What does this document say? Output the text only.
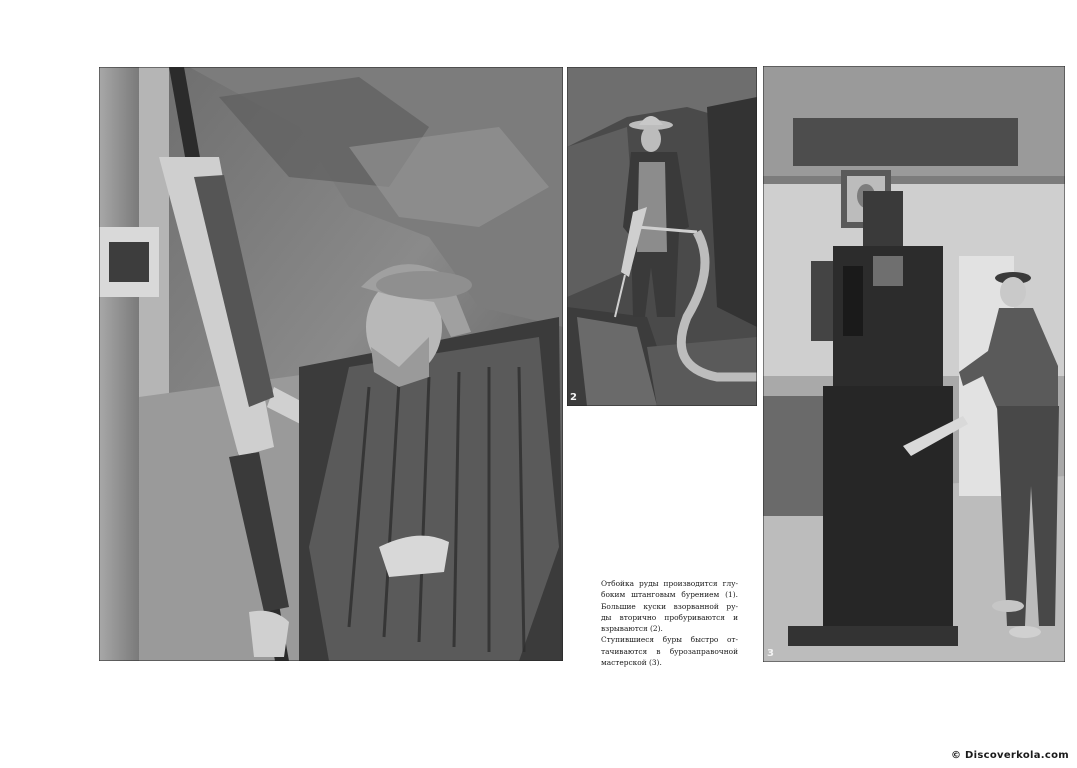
2
3

Отбойка руды производится глу-
боким штанговым бурением (1).
Большие куски взорванной ру-
ды вторично пробуриваются и
взрываются (2).

Ступившиеся буры быстро от-
тачиваются в бурозаправочной
мастерской (3).

© Discoverkola.com
